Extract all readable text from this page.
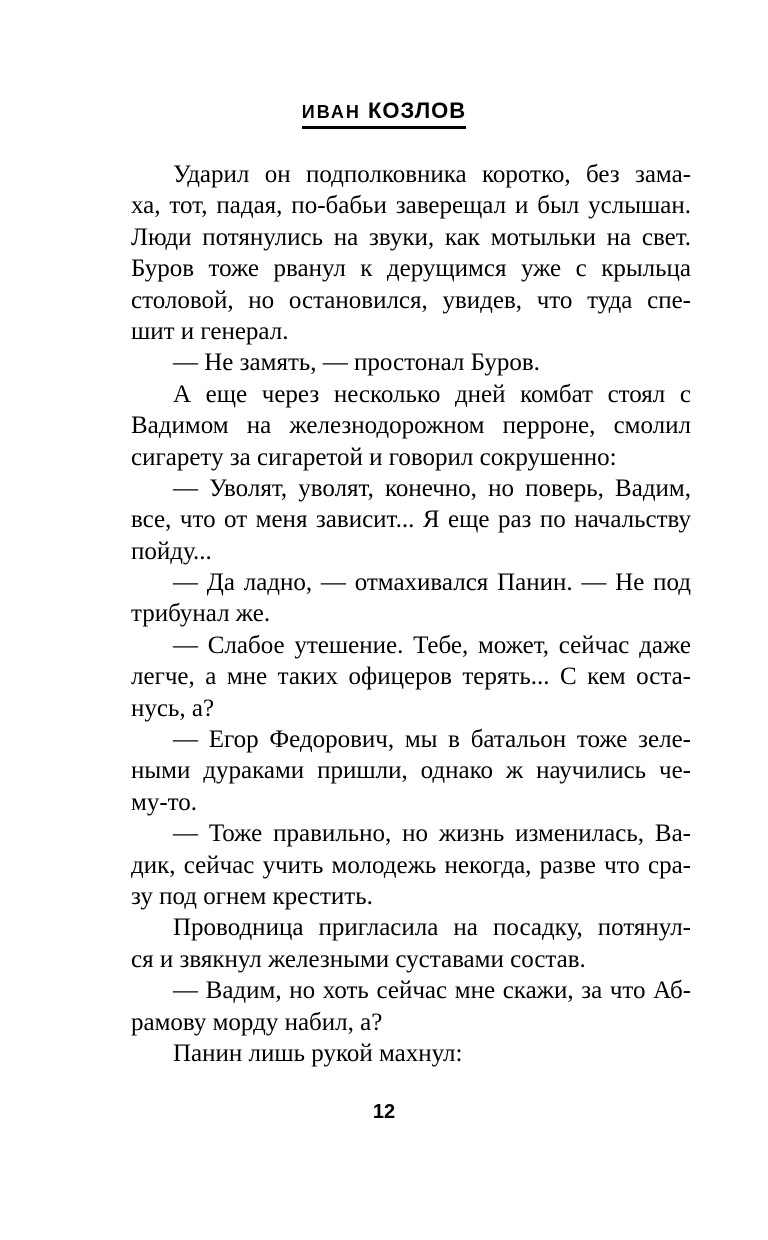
ИВАН КОЗЛОВ
Ударил он подполковника коротко, без зама-
ха, тот, падая, по-бабьи заверещал и был услышан.
Люди потянулись на звуки, как мотыльки на свет.
Буров тоже рванул к дерущимся уже с крыльца
столовой, но остановился, увидев, что туда спе-
шит и генерал.
— Не замять, — простонал Буров.
А еще через несколько дней комбат стоял с
Вадимом на железнодорожном перроне, смолил
сигарету за сигаретой и говорил сокрушенно:
— Уволят, уволят, конечно, но поверь, Вадим,
все, что от меня зависит... Я еще раз по начальству
пойду...
— Да ладно, — отмахивался Панин. — Не под
трибунал же.
— Слабое утешение. Тебе, может, сейчас даже
легче, а мне таких офицеров терять... С кем оста-
нусь, а?
— Егор Федорович, мы в батальон тоже зеле-
ными дураками пришли, однако ж научились че-
му-то.
— Тоже правильно, но жизнь изменилась, Ва-
дик, сейчас учить молодежь некогда, разве что сра-
зу под огнем крестить.
Проводница пригласила на посадку, потянул-
ся и звякнул железными суставами состав.
— Вадим, но хоть сейчас мне скажи, за что Аб-
рамову морду набил, а?
Панин лишь рукой махнул:
12
